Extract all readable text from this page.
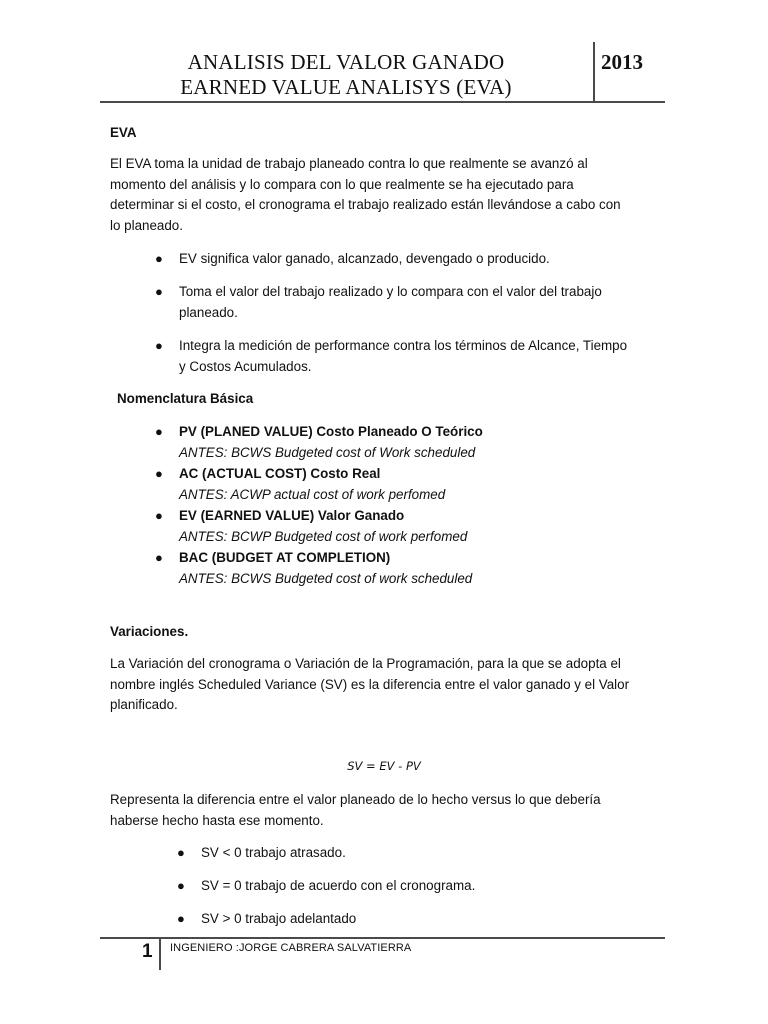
ANALISIS DEL VALOR GANADO
EARNED VALUE ANALISYS (EVA)
2013
EVA
El EVA toma la unidad de trabajo planeado contra lo que realmente se avanzó al
momento del análisis y lo compara con lo que realmente se ha ejecutado para
determinar si el costo, el cronograma el trabajo realizado están llevándose a cabo con
lo planeado.
● EV significa valor ganado, alcanzado, devengado o producido.
● Toma el valor del trabajo realizado y lo compara con el valor del trabajo
planeado.
● Integra la medición de performance contra los términos de Alcance, Tiempo
y Costos Acumulados.
Nomenclatura Básica
● PV (PLANED VALUE) Costo Planeado O Teórico
ANTES: BCWS Budgeted cost of Work scheduled
● AC (ACTUAL COST) Costo Real
ANTES: ACWP actual cost of work perfomed
● EV (EARNED VALUE) Valor Ganado
ANTES: BCWP Budgeted cost of work perfomed
● BAC (BUDGET AT COMPLETION)
ANTES: BCWS Budgeted cost of work scheduled
Variaciones.
La Variación del cronograma o Variación de la Programación, para la que se adopta el
nombre inglés Scheduled Variance (SV) es la diferencia entre el valor ganado y el Valor
planificado.
SV = EV - PV
Representa la diferencia entre el valor planeado de lo hecho versus lo que debería
haberse hecho hasta ese momento.
● SV < 0 trabajo atrasado.
● SV = 0 trabajo de acuerdo con el cronograma.
● SV > 0 trabajo adelantado
1 INGENIERO :JORGE CABRERA SALVATIERRA
